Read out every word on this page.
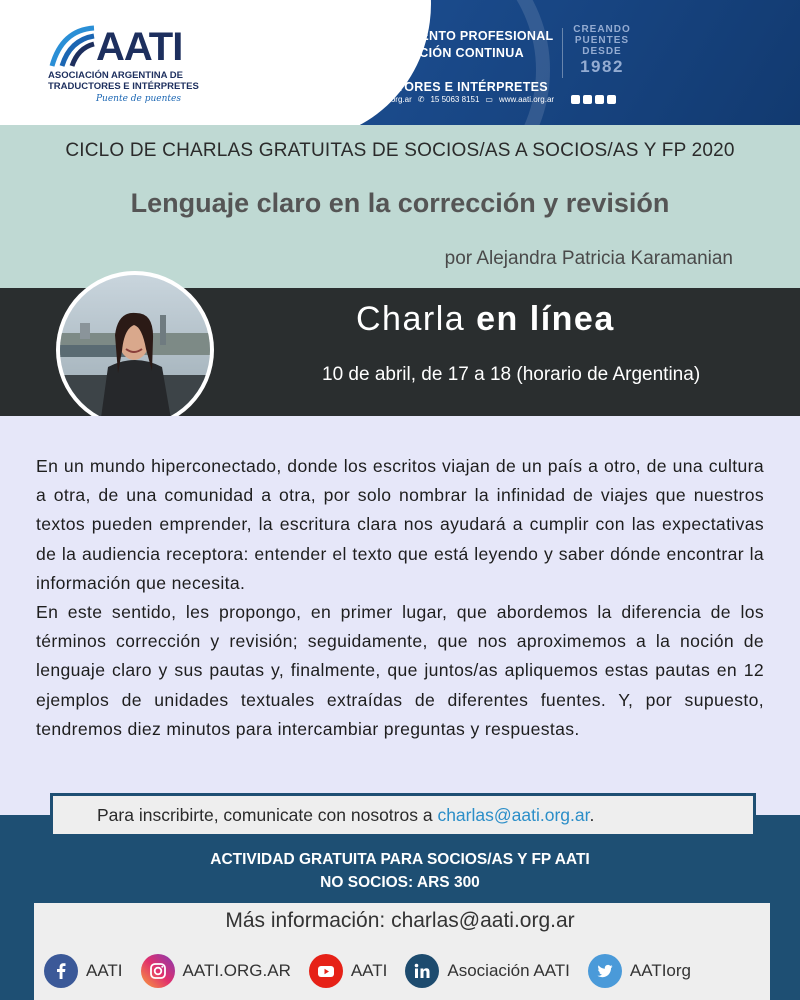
AATI
ASOCIACIÓN ARGENTINA DE
TRADUCTORES E INTÉRPRETES
Puente de puentes
ASESORAMIENTO PROFESIONAL
Y CAPACITACIÓN CONTINUA PARA
TRADUCTORES E INTÉRPRETES
CREANDO
PUENTES
DESDE
1982
➤ info@aati.org.ar ✆ 15 5063 8151 ▭ www.aati.org.ar
CICLO DE CHARLAS GRATUITAS DE SOCIOS/AS A SOCIOS/AS Y FP 2020
Lenguaje claro en la corrección y revisión
por Alejandra Patricia Karamanian
Charla en línea
10 de abril, de 17 a 18 (horario de Argentina)

En un mundo hiperconectado, donde los escritos viajan de un país a otro, de una cultura a otra, de una comunidad a otra, por solo nombrar la infinidad de viajes que nuestros textos pueden emprender, la escritura clara nos ayudará a cumplir con las expectativas de la audiencia receptora: entender el texto que está leyendo y saber dónde encontrar la información que necesita.

En este sentido, les propongo, en primer lugar, que abordemos la diferencia de los términos corrección y revisión; seguidamente, que nos aproximemos a la noción de lenguaje claro y sus pautas y, finalmente, que juntos/as apliquemos estas pautas en 12 ejemplos de unidades textuales extraídas de diferentes fuentes. Y, por supuesto, tendremos diez minutos para intercambiar preguntas y respuestas.

Para inscribirte, comunicate con nosotros a charlas@aati.org.ar.
ACTIVIDAD GRATUITA PARA SOCIOS/AS Y FP AATI
NO SOCIOS: ARS 300
Más información: charlas@aati.org.ar
AATI	AATI.ORG.AR	AATI	Asociación AATI	AATIorg
